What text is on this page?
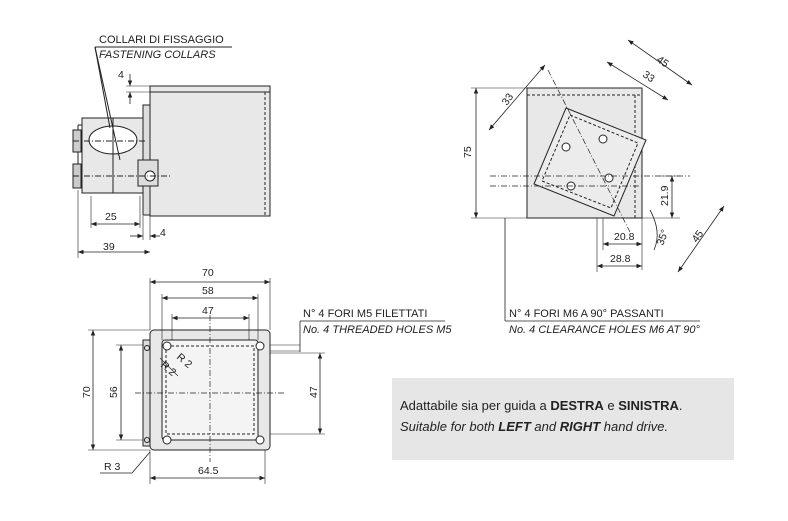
COLLARI DI FISSAGGIO
FASTENING COLLARS
4
25
4
39
45
33
33
75
21.9
20.8 35° 45
28.8
N° 4 FORI M6 A 90° PASSANTI
No. 4 CLEARANCE HOLES M6 AT 90°
70
58
47
70 56	47
64.5
R 2
R 2
R 3
N° 4 FORI M5 FILETTATI
No. 4 THREADED HOLES M5
Adattabile sia per guida a DESTRA e SINISTRA.
Suitable for both LEFT and RIGHT hand drive.
